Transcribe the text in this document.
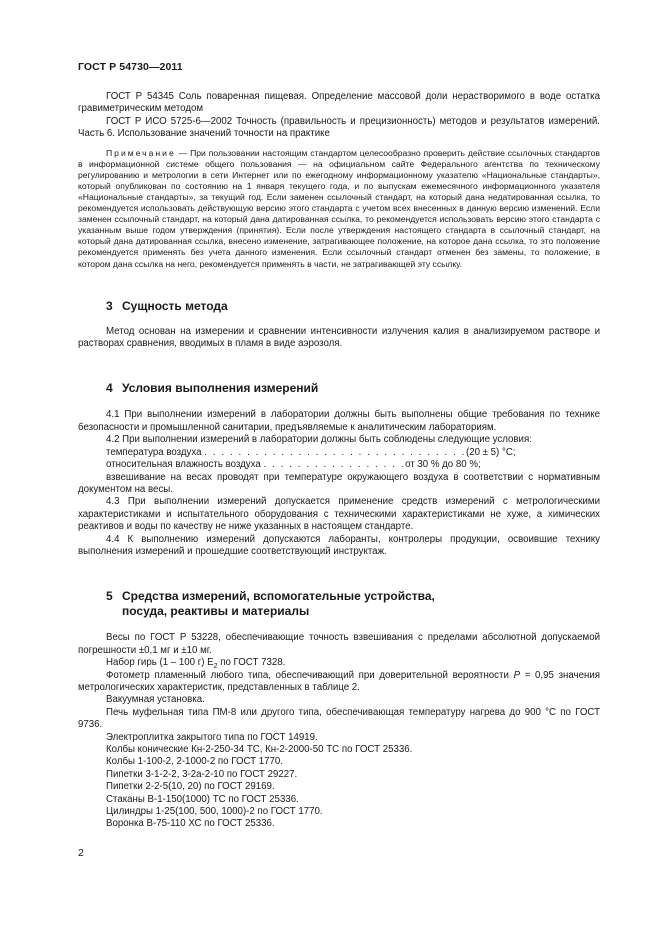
ГОСТ Р 54730—2011

ГОСТ Р 54345 Соль поваренная пищевая. Определение массовой доли нерастворимого в воде остатка гравиметрическим методом

ГОСТ Р ИСО 5725-6—2002 Точность (правильность и прецизионность) методов и результатов измерений. Часть 6. Использование значений точности на практике

Примечание — При пользовании настоящим стандартом целесообразно проверить действие ссылочных стандартов в информационной системе общего пользования — на официальном сайте Федерального агентства по техническому регулированию и метрологии в сети Интернет или по ежегодному информационному указателю «Национальные стандарты», который опубликован по состоянию на 1 января текущего года, и по выпускам ежемесячного информационного указателя «Национальные стандарты», за текущий год. Если заменен ссылочный стандарт, на который дана недатированная ссылка, то рекомендуется использовать действующую версию этого стандарта с учетом всех внесенных в данную версию изменений. Если заменен ссылочный стандарт, на который дана датированная ссылка, то рекомендуется использовать версию этого стандарта с указанным выше годом утверждения (принятия). Если после утверждения настоящего стандарта в ссылочный стандарт, на который дана датированная ссылка, внесено изменение, затрагивающее положение, на которое дана ссылка, то это положение рекомендуется применять без учета данного изменения. Если ссылочный стандарт отменен без замены, то положение, в котором дана ссылка на него, рекомендуется применять в части, не затрагивающей эту ссылку.
3 Сущность метода

Метод основан на измерении и сравнении интенсивности излучения калия в анализируемом растворе и растворах сравнения, вводимых в пламя в виде аэрозоля.

4 Условия выполнения измерений

4.1 При выполнении измерений в лаборатории должны быть выполнены общие требования по технике безопасности и промышленной санитарии, предъявляемые к аналитическим лабораториям.

4.2 При выполнении измерений в лаборатории должны быть соблюдены следующие условия:

температура воздуха
. . . . . . . . . . . . . . . . . . . . . . . . . . . . . . . (20 ± 5) °C;
относительная влажность воздуха
. . . . . . . . . . . . . . . . . от 30 % до 80 %;

взвешивание на весах проводят при температуре окружающего воздуха в соответствии с нормативным документом на весы.

4.3 При выполнении измерений допускается применение средств измерений с метрологическими характеристиками и испытательного оборудования с техническими характеристиками не хуже, а химических реактивов и воды по качеству не ниже указанных в настоящем стандарте.

4.4 К выполнению измерений допускаются лаборанты, контролеры продукции, освоившие технику выполнения измерений и прошедшие соответствующий инструктаж.

5 Средства измерений, вспомогательные устройства,
посуда, реактивы и материалы

Весы по ГОСТ Р 53228, обеспечивающие точность взвешивания с пределами абсолютной допускаемой погрешности ±0,1 мг и ±10 мг.

Набор гирь (1 – 100 г) $E_2$ по ГОСТ 7328.

Фотометр пламенный любого типа, обеспечивающий при доверительной вероятности P = 0,95 значения метрологических характеристик, представленных в таблице 2.

Вакуумная установка.

Печь муфельная типа ПМ-8 или другого типа, обеспечивающая температуру нагрева до 900 °C по ГОСТ 9736.

Электроплитка закрытого типа по ГОСТ 14919.

Колбы конические Кн-2-250-34 ТС, Кн-2-2000-50 ТС по ГОСТ 25336.

Колбы 1-100-2, 2-1000-2 по ГОСТ 1770.

Пипетки 3-1-2-2, 3-2а-2-10 по ГОСТ 29227.

Пипетки 2-2-5(10, 20) по ГОСТ 29169.

Стаканы В-1-150(1000) ТС по ГОСТ 25336.

Цилиндры 1-25(100, 500, 1000)-2 по ГОСТ 1770.

Воронка В-75-110 ХС по ГОСТ 25336.

2
